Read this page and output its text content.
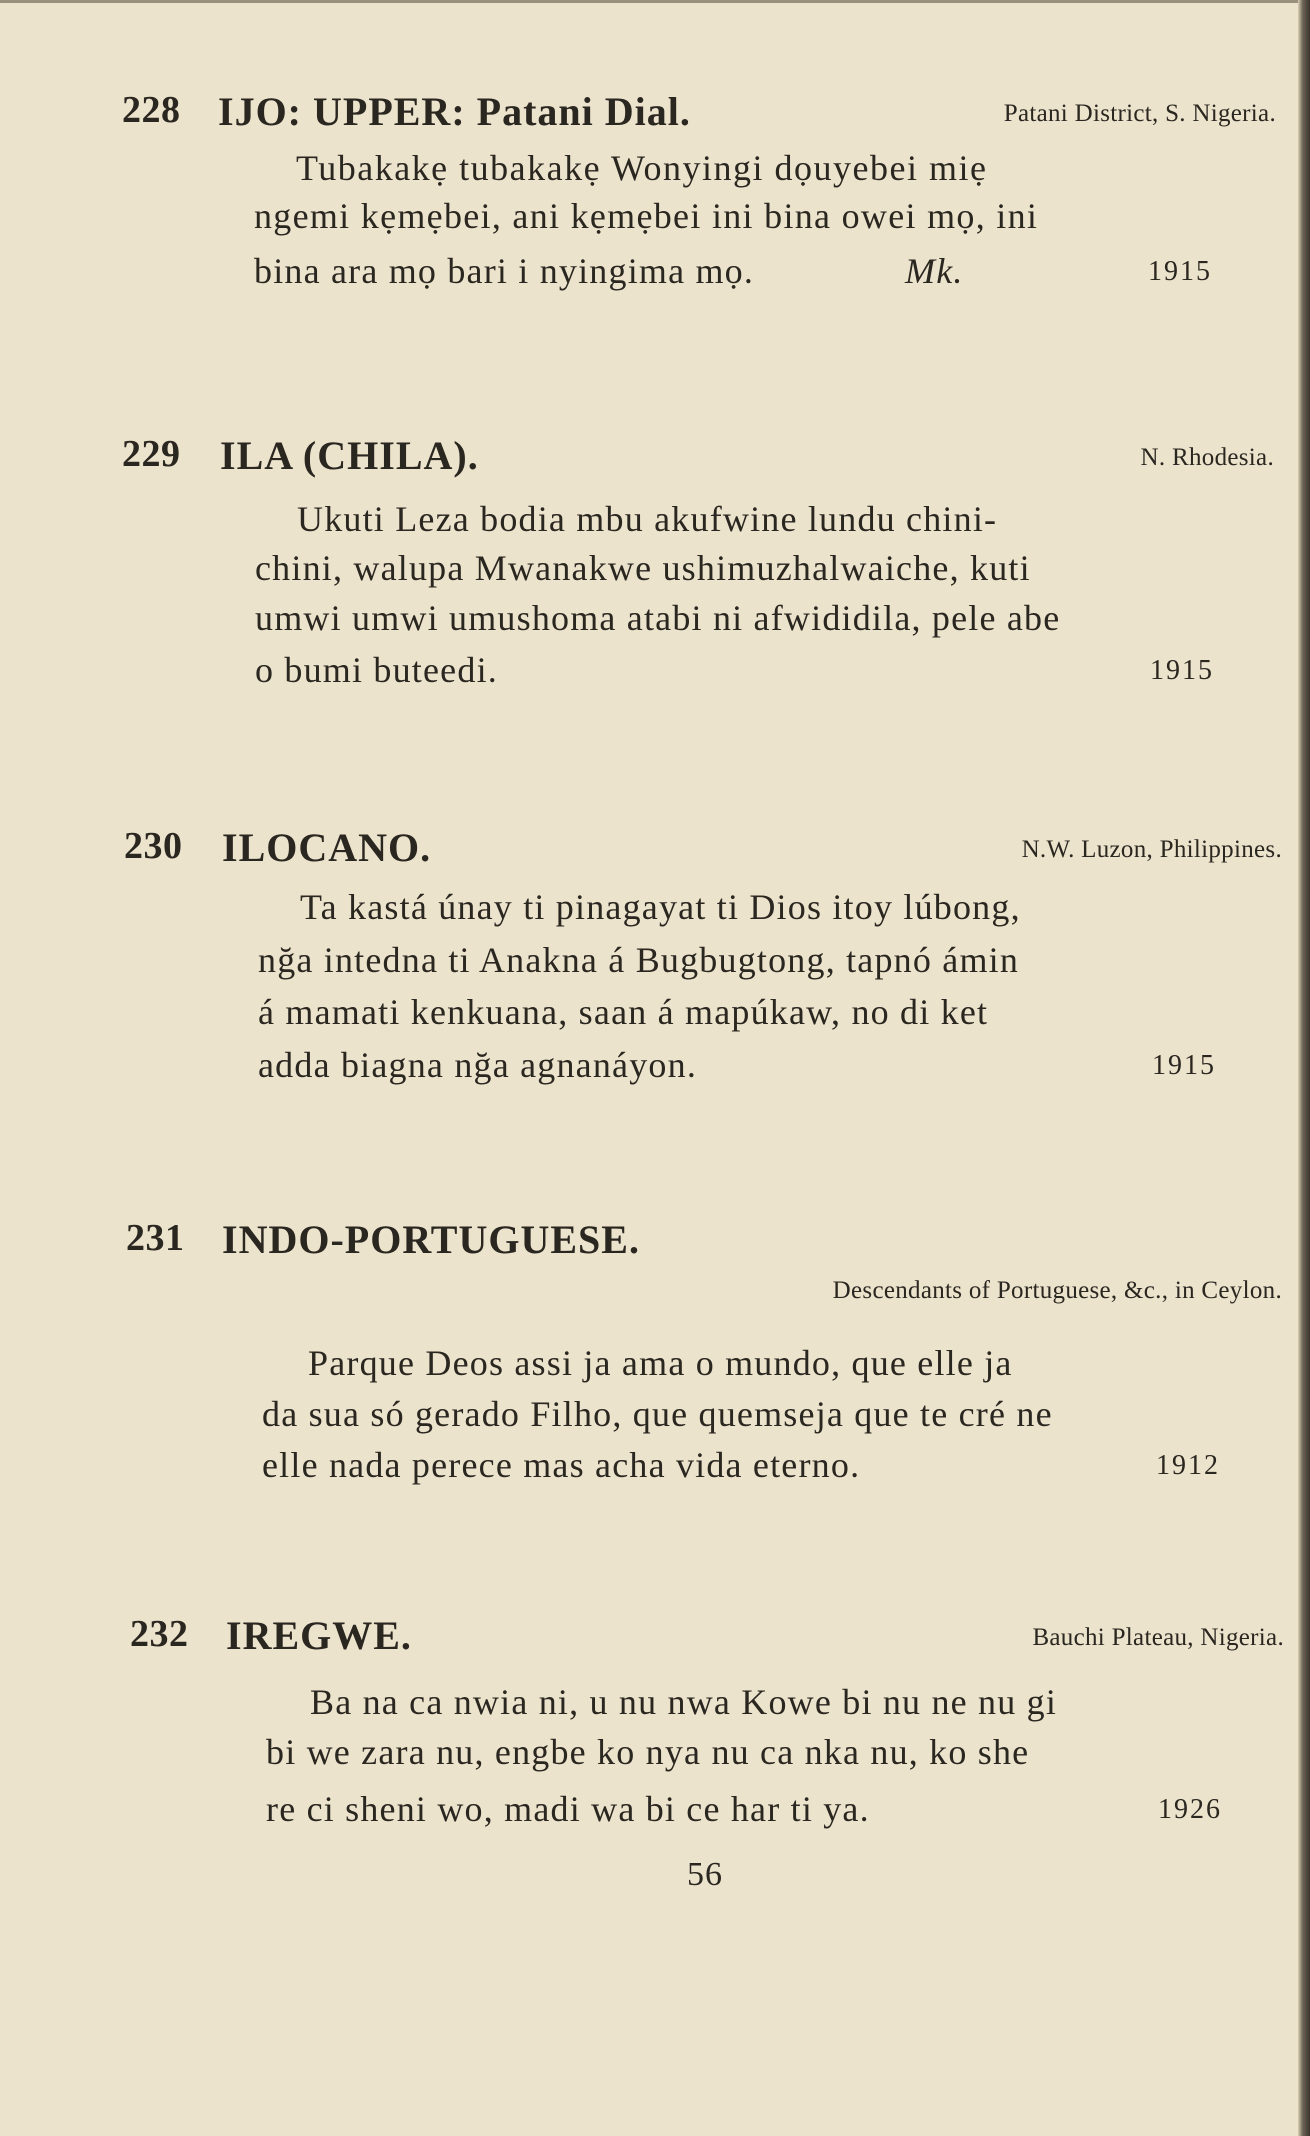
228 IJO: UPPER: Patani Dial.	Patani District, S. Nigeria.
Tubakakẹ tubakakẹ Wonyingi dọuyebei miẹ
ngemi kẹmẹbei, ani kẹmẹbei ini bina owei mọ, ini
bina ara mọ bari i nyingima mọ.	Mk.	1915
229 ILA (CHILA).	N. Rhodesia.
Ukuti Leza bodia mbu akufwine lundu chini-
chini, walupa Mwanakwe ushimuzhalwaiche, kuti
umwi umwi umushoma atabi ni afwididila, pele abe
o bumi buteedi.	1915
230 ILOCANO.	N.W. Luzon, Philippines.
Ta kastá únay ti pinagayat ti Dios itoy lúbong,
nğa intedna ti Anakna á Bugbugtong, tapnó ámin
á mamati kenkuana, saan á mapúkaw, no di ket
adda biagna nğa agnanáyon.	1915
231 INDO-PORTUGUESE.
Descendants of Portuguese, &c., in Ceylon.
Parque Deos assi ja ama o mundo, que elle ja
da sua só gerado Filho, que quemseja que te cré ne
elle nada perece mas acha vida eterno.	1912
232 IREGWE.	Bauchi Plateau, Nigeria.
Ba na ca nwia ni, u nu nwa Kowe bi nu ne nu gi
bi we zara nu, engbe ko nya nu ca nka nu, ko she
re ci sheni wo, madi wa bi ce har ti ya.	1926
56
